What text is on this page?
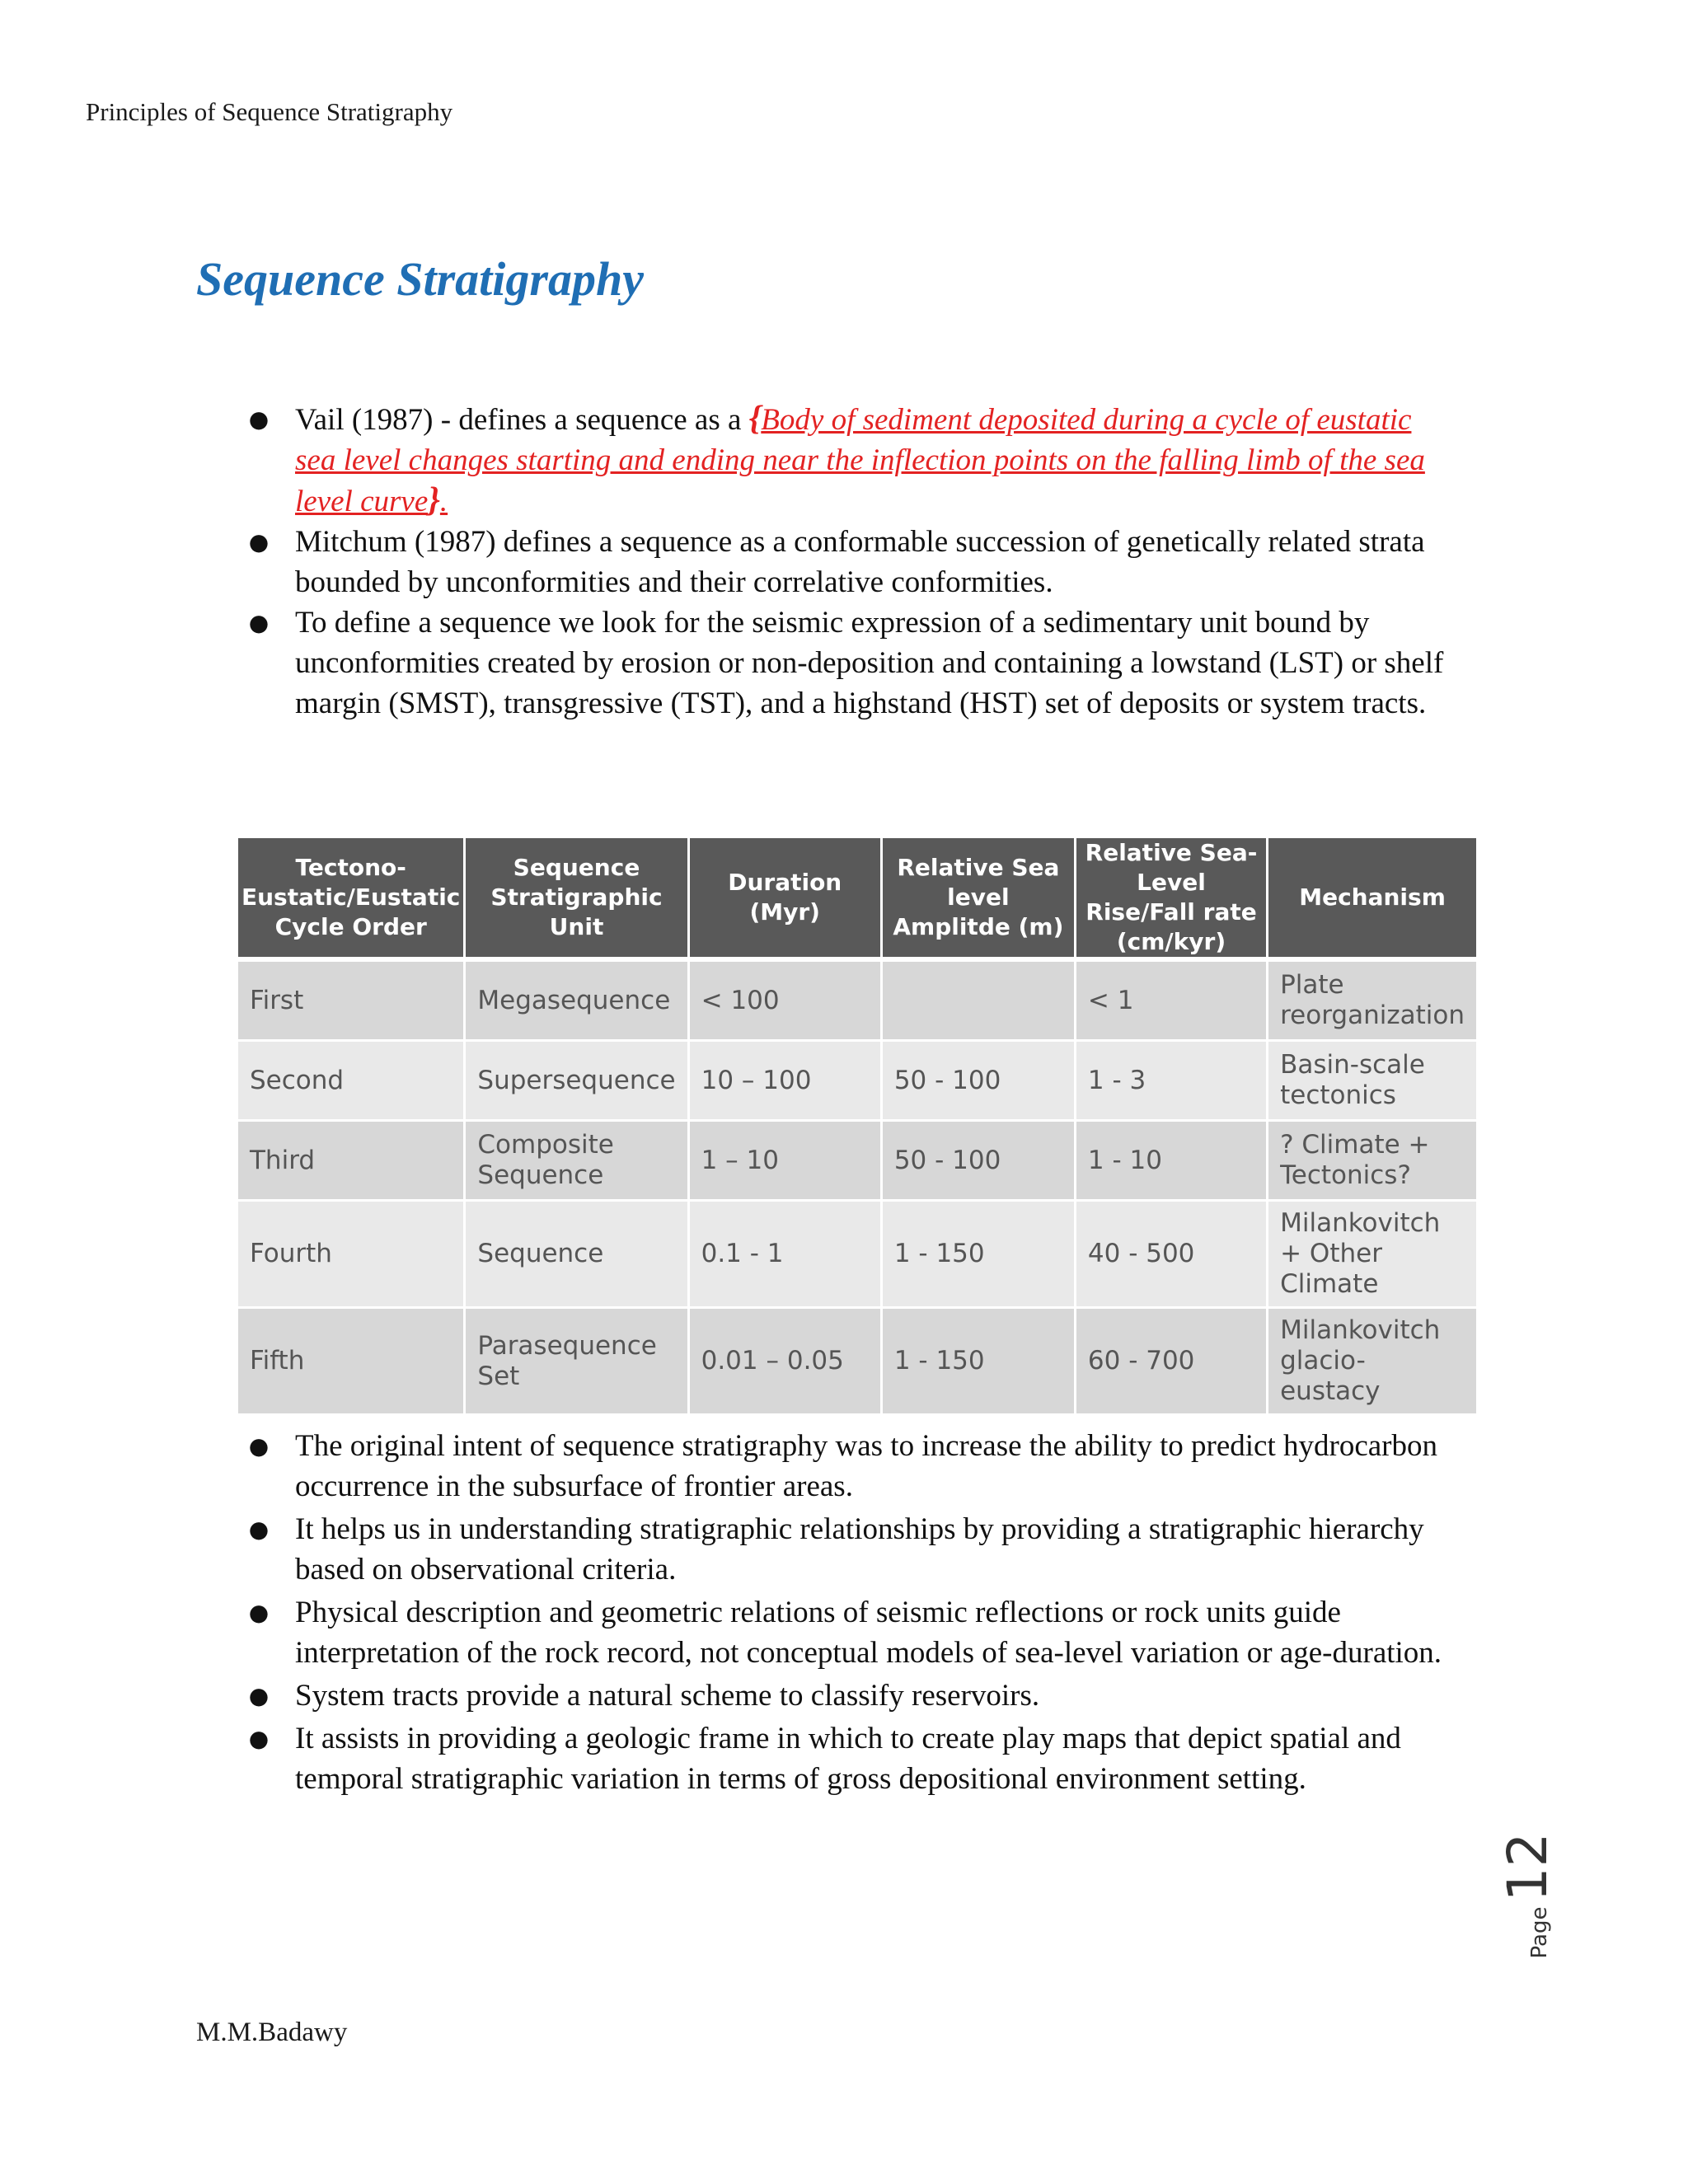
Principles of Sequence Stratigraphy
Sequence Stratigraphy
● Vail (1987) - defines a sequence as a {Body of sediment deposited during a cycle of eustatic sea level changes starting and ending near the inflection points on the falling limb of the sea level curve}.
● Mitchum (1987) defines a sequence as a conformable succession of genetically related strata bounded by unconformities and their correlative conformities.
● To define a sequence we look for the seismic expression of a sedimentary unit bound by unconformities created by erosion or non-deposition and containing a lowstand (LST) or shelf margin (SMST), transgressive (TST), and a highstand (HST) set of deposits or system tracts.
Tectono-Eustatic/Eustatic Cycle Order	Sequence Stratigraphic Unit	Duration (Myr)	Relative Sea level Amplitde (m)	Relative Sea-Level Rise/Fall rate (cm/kyr)	Mechanism
First	Megasequence	< 100		< 1	Plate reorganization
Second	Supersequence	10 – 100	50 - 100	1 - 3	Basin-scale tectonics
Third	Composite Sequence	1 – 10	50 - 100	1 - 10	? Climate + Tectonics?
Fourth	Sequence	0.1 - 1	1 - 150	40 - 500	Milankovitch + Other Climate
Fifth	Parasequence Set	0.01 – 0.05	1 - 150	60 - 700	Milankovitch glacio-eustacy
● The original intent of sequence stratigraphy was to increase the ability to predict hydrocarbon occurrence in the subsurface of frontier areas.
● It helps us in understanding stratigraphic relationships by providing a stratigraphic hierarchy based on observational criteria.
● Physical description and geometric relations of seismic reflections or rock units guide interpretation of the rock record, not conceptual models of sea-level variation or age-duration.
● System tracts provide a natural scheme to classify reservoirs.
● It assists in providing a geologic frame in which to create play maps that depict spatial and temporal stratigraphic variation in terms of gross depositional environment setting.
Page
12
M.M.Badawy
